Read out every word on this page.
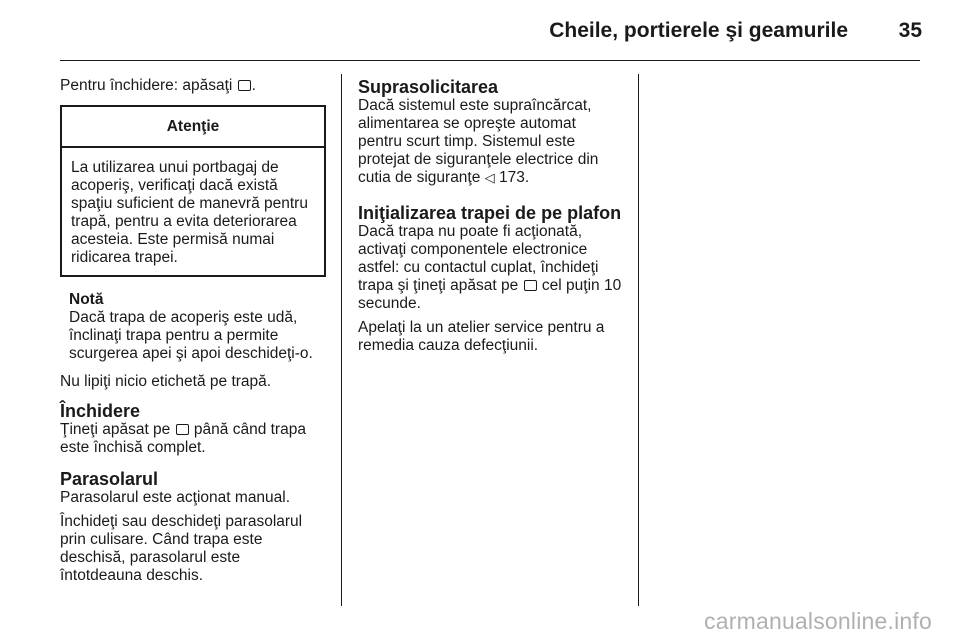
Cheile, portierele şi geamurile 35

Pentru închidere: apăsaţi .

Atenţie
La utilizarea unui portbagaj de acoperiş, verificaţi dacă există spaţiu suficient de manevră pentru trapă, pentru a evita deteriorarea acesteia. Este permisă numai ridicarea trapei.
Notă
Dacă trapa de acoperiş este udă, înclinaţi trapa pentru a permite scurgerea apei şi apoi deschideţi-o.

Nu lipiţi nicio etichetă pe trapă.

Închidere
Ţineţi apăsat pe până când trapa este închisă complet.
Parasolarul

Parasolarul este acţionat manual.

Închideţi sau deschideţi parasolarul prin culisare. Când trapa este deschisă, parasolarul este întotdeauna deschis.

Suprasolicitarea
Dacă sistemul este supraîncărcat, alimentarea se opreşte automat pentru scurt timp. Sistemul este protejat de siguranţele electrice din cutia de siguranţe ◁ 173.
Iniţializarea trapei de pe plafon

Dacă trapa nu poate fi acţionată, activaţi componentele electronice astfel: cu contactul cuplat, închideţi trapa şi ţineţi apăsat pe cel puţin 10 secunde.

Apelaţi la un atelier service pentru a remedia cauza defecţiunii.

carmanualsonline.info
